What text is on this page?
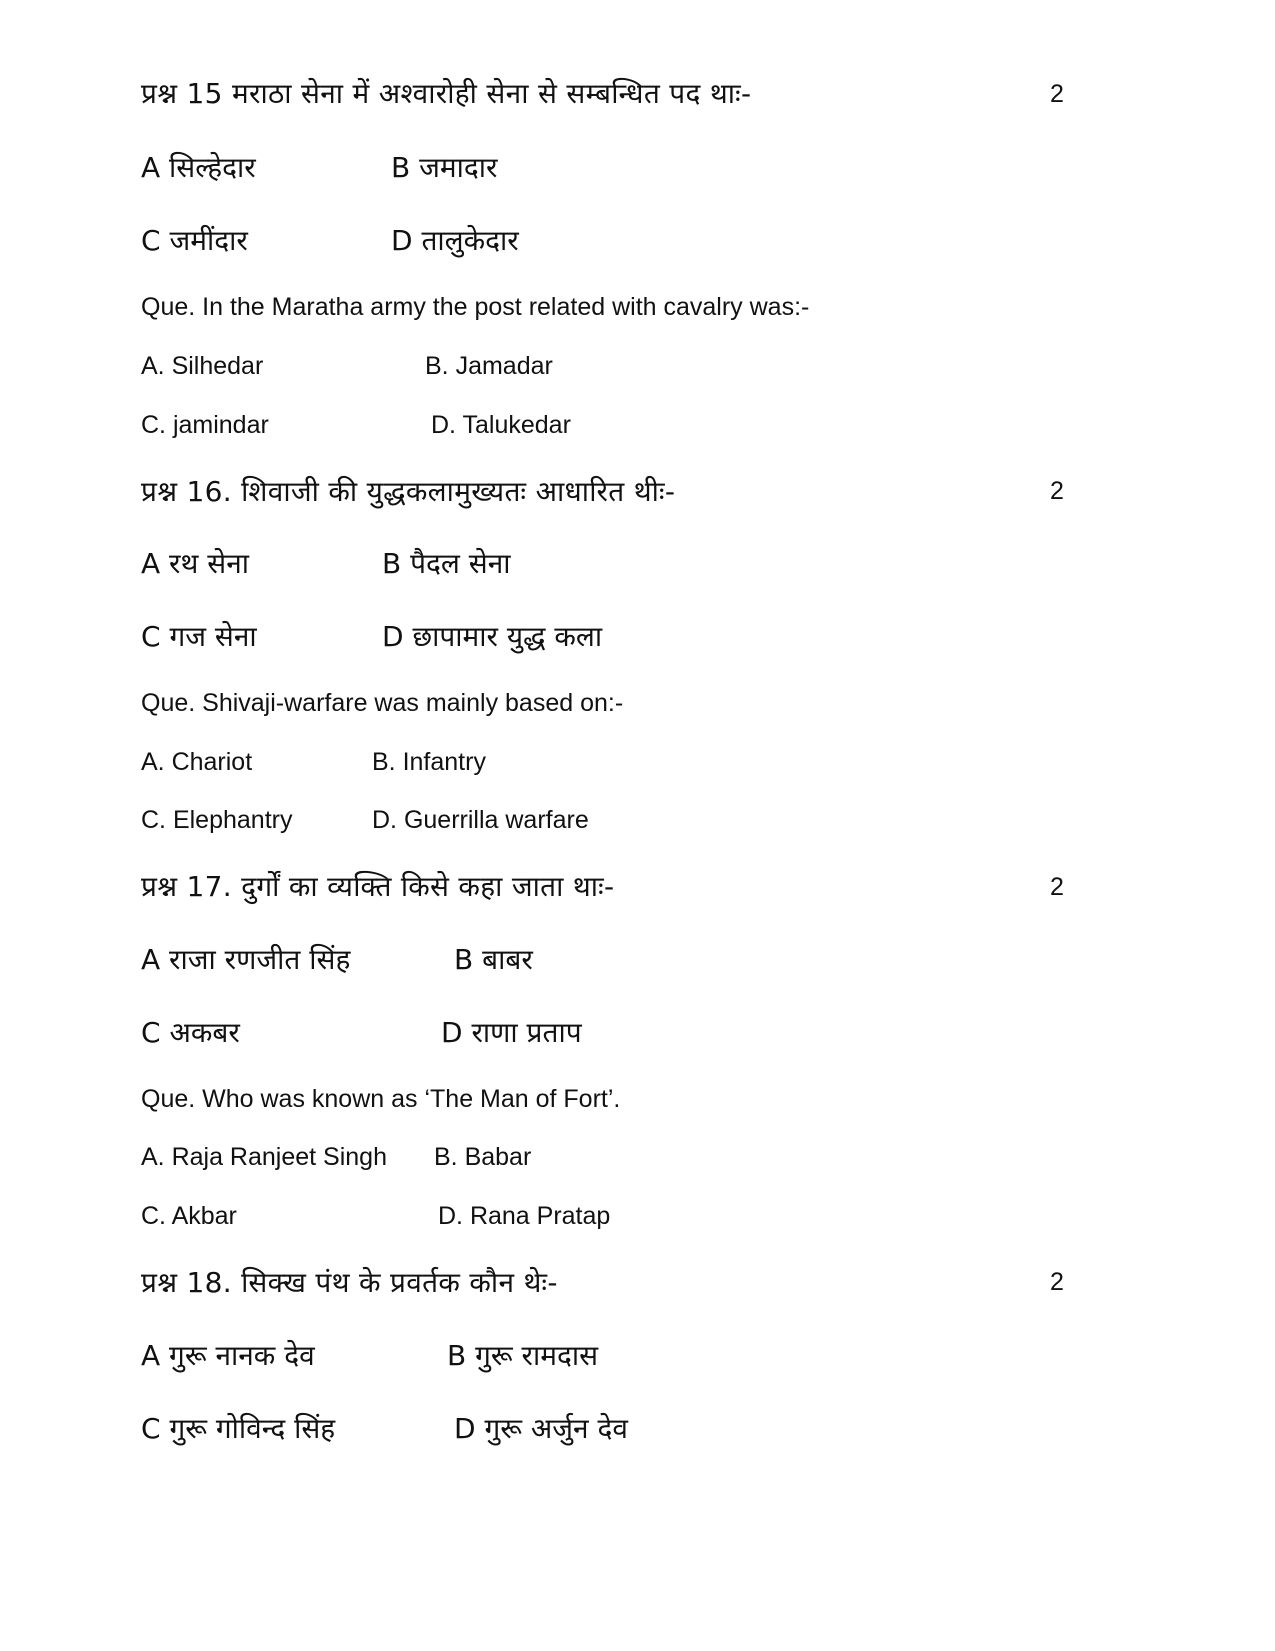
प्रश्न 15 मराठा सेना में अश्वारोही सेना से सम्बन्धित पद थाः-	2
A सिल्हेदार	B जमादार
C जमींदार	D तालुकेदार
Que. In the Maratha army the post related with cavalry was:-
A. Silhedar	B. Jamadar
C. jamindar	D. Talukedar
प्रश्न 16. शिवाजी की युद्धकलामुख्यतः आधारित थीः-	2
A रथ सेना	B पैदल सेना
C गज सेना	D छापामार युद्ध कला
Que. Shivaji-warfare was mainly based on:-
A. Chariot	B. Infantry
C. Elephantry	D. Guerrilla warfare
प्रश्न 17. दुर्गों का व्यक्ति किसे कहा जाता थाः-	2
A राजा रणजीत सिंह	B बाबर
C अकबर	D राणा प्रताप
Que. Who was known as ‘The Man of Fort’.
A. Raja Ranjeet Singh B. Babar
C. Akbar	D. Rana Pratap
प्रश्न 18. सिक्ख पंथ के प्रवर्तक कौन थेः-	2
A गुरू नानक देव	B गुरू रामदास
C गुरू गोविन्द सिंह	D गुरू अर्जुन देव
